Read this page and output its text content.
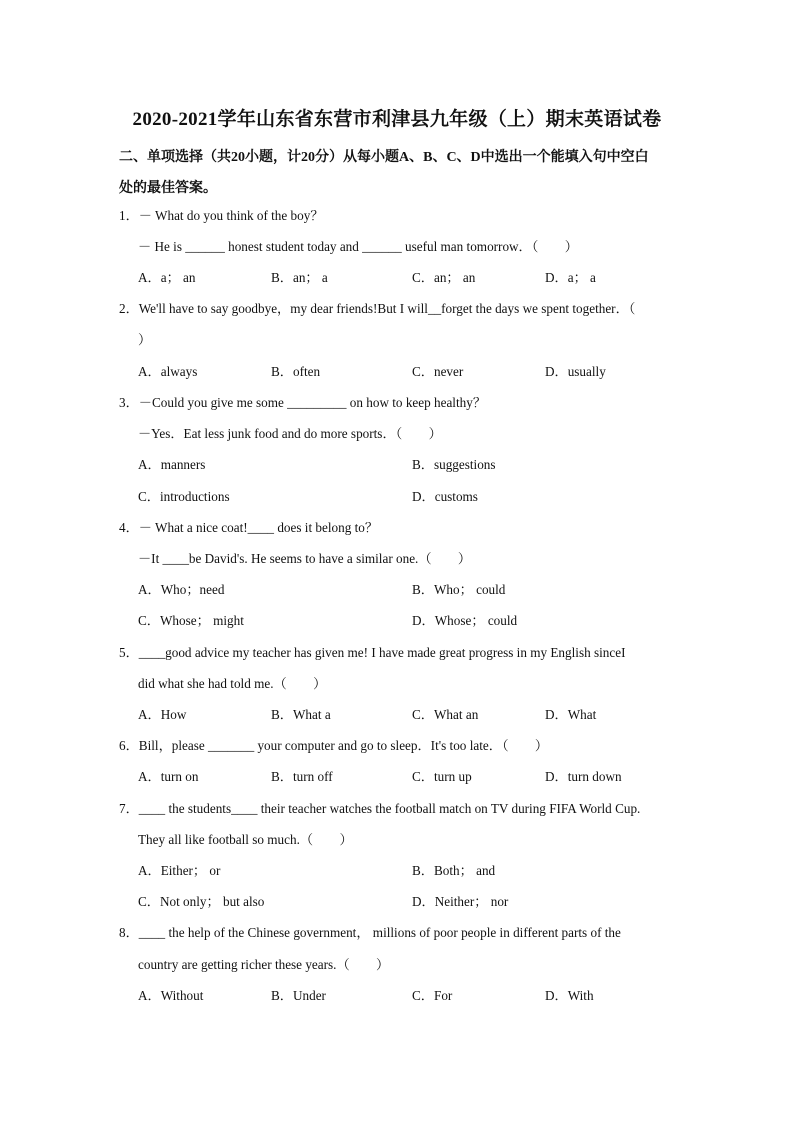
2020-2021学年山东省东营市利津县九年级（上）期末英语试卷
二、单项选择（共20小题，计20分）从每小题A、B、C、D中选出一个能填入句中空白
处的最佳答案。
1．－ What do you think of the boy？
－ He is ______ honest student today and ______ useful man tomorrow．（　　）
A．a； an	B．an； a	C．an； an	D．a； a
2．We'll have to say goodbye，my dear friends!But I will__forget the days we spent together．（
）
A．always	B．often	C．never	D．usually
3．－Could you give me some _________ on how to keep healthy？
－Yes．Eat less junk food and do more sports．（　　）
A．manners	B．suggestions
C．introductions	D．customs
4．－ What a nice coat!____ does it belong to？
－It ____be David's. He seems to have a similar one.（　　）
A．Who；need	B．Who； could
C．Whose； might	D．Whose； could
5．____good advice my teacher has given me! I have made great progress in my English sinceI
did what she had told me.（　　）
A．How	B．What a	C．What an	D．What
6．Bill，please _______ your computer and go to sleep．It's too late．（　　）
A．turn on	B．turn off	C．turn up	D．turn down
7．____ the students____ their teacher watches the football match on TV during FIFA World Cup.
They all like football so much.（　　）
A．Either； or	B．Both； and
C．Not only； but also	D．Neither； nor
8．____ the help of the Chinese government， millions of poor people in different parts of the
country are getting richer these years.（　　）
A．Without	B．Under	C．For	D．With
